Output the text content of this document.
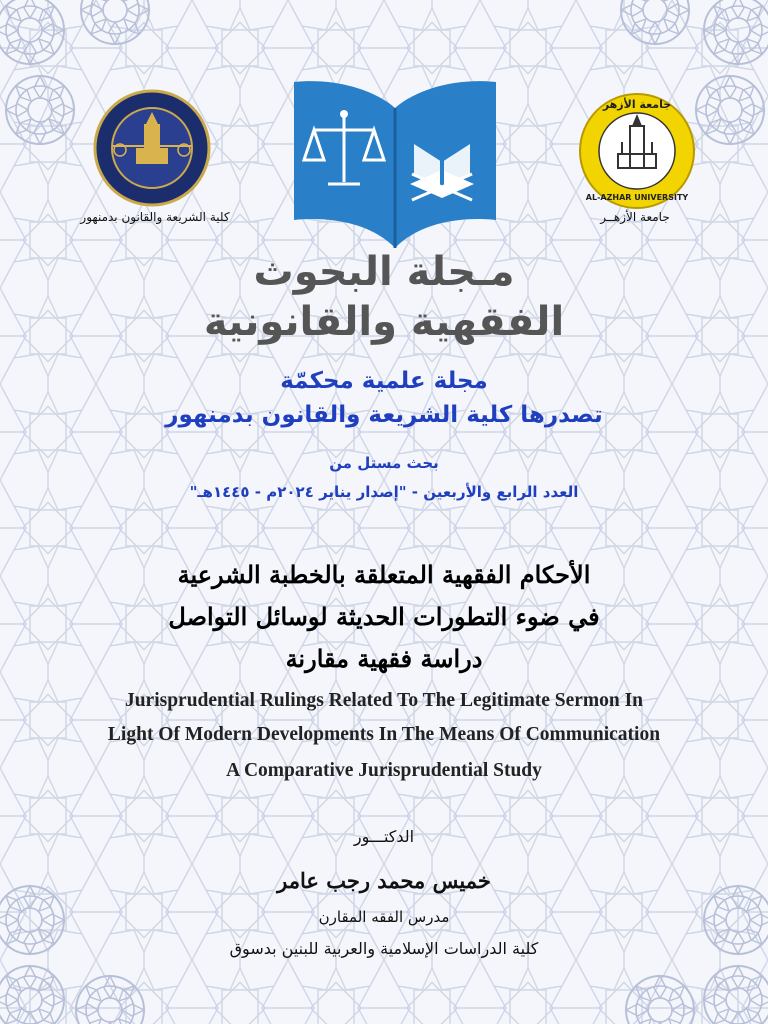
كلية الشريعة والقانون بدمنهور
جامعة الأزهر
AL-AZHAR UNIVERSITY
جامعة الأزهــر
مـجلة البحوث
الفقهية والقانونية
مجلة علمية محكمّة
تصدرها كلية الشريعة والقانون بدمنهور
بحث مستل من
العدد الرابع والأربعين - "إصدار يناير ٢٠٢٤م - ١٤٤٥هـ"
الأحكام الفقهية المتعلقة بالخطبة الشرعية
في ضوء التطورات الحديثة لوسائل التواصل
دراسة فقهية مقارنة
Jurisprudential Rulings Related To The Legitimate Sermon In
Light Of Modern Developments In The Means Of Communication
A Comparative Jurisprudential Study
الدكتـــور
خميس محمد رجب عامر
مدرس الفقه المقارن
كلية الدراسات الإسلامية والعربية للبنين بدسوق
